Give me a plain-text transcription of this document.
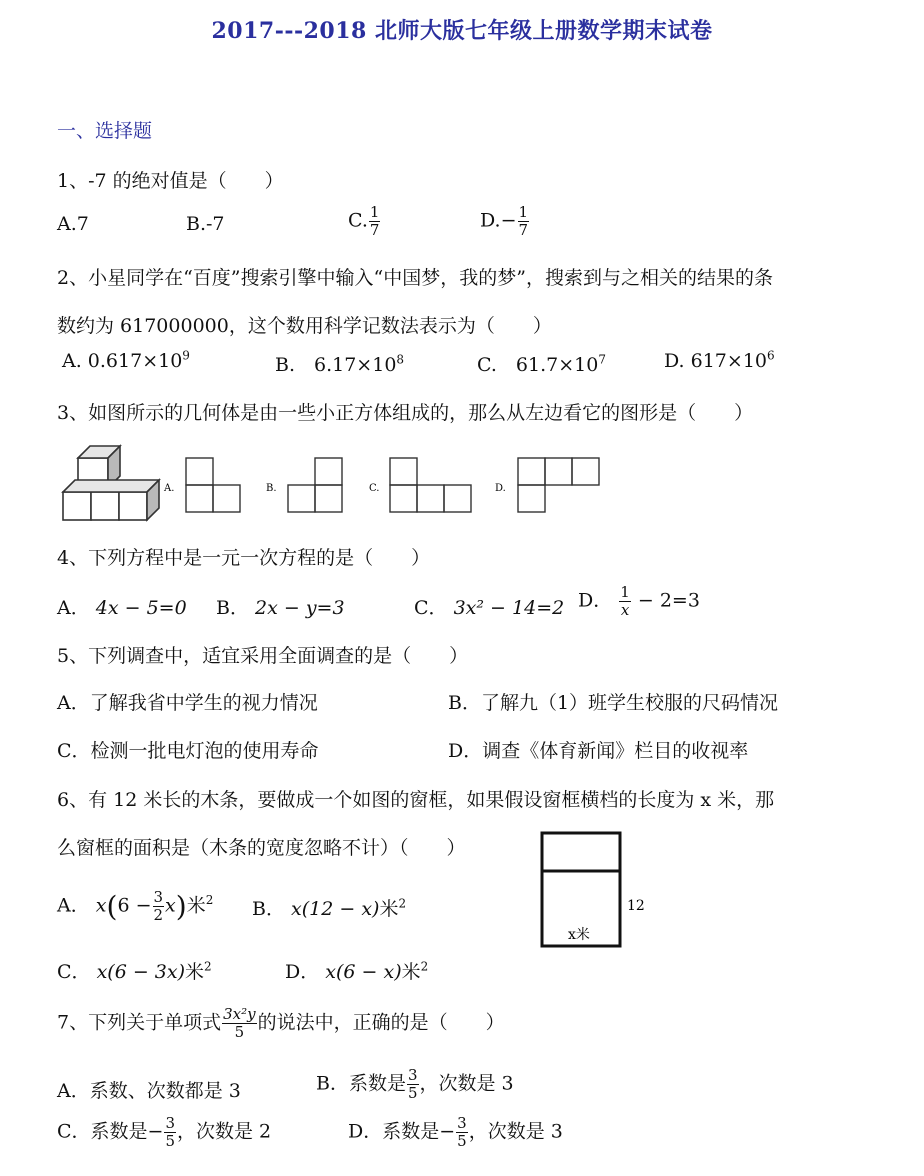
2017---2018 北师大版七年级上册数学期末试卷
一、选择题
1、-7 的绝对值是（　　）
A.7	B.-7	C. $\frac{1}{7}$	$D.- \frac{1}{7}$
2、小星同学在“百度”搜索引擎中输入“中国梦，我的梦”，搜索到与之相关的结果的条
数约为 617000000，这个数用科学记数法表示为（　　）
A. $0.617\times 10^9$	B.　$6.17\times 10^8$	C.　$61.7\times 10^7$	D. $617\times 10^6$
3、如图所示的几何体是由一些小正方体组成的，那么从左边看它的图形是（　　）
A.	B.	C.	D.
4、下列方程中是一元一次方程的是（　　）
A． 4x − 5=0 B． 2x − y=3	C． 3x² − 14=2 D． $\frac{1}{x} - 2=3$
5、下列调查中，适宜采用全面调查的是（　　）
A．了解我省中学生的视力情况	B．了解九（1）班学生校服的尺码情况
C．检测一批电灯泡的使用寿命	D．调查《体育新闻》栏目的收视率
6、有 12 米长的木条，要做成一个如图的窗框，如果假设窗框横档的长度为 x 米，那
么窗框的面积是（木条的宽度忽略不计）（　　）
12
x米
A． $x(6 - \frac{3}{2} x)$米$^2$ B． x(12 − x)米$^2$
C． x(6 − 3x)米$^2$	D． x(6 − x)米$^2$
7、下列关于单项式 $\frac{\text{3x²y}}{5}$ 的说法中，正确的是（　　）
A．系数、次数都是 3	B．系数是 $\frac{3}{5}$ ，次数是 3
C．系数是− $\frac{3}{5}$ ，次数是 2	D．系数是− $\frac{3}{5}$ ，次数是 3
